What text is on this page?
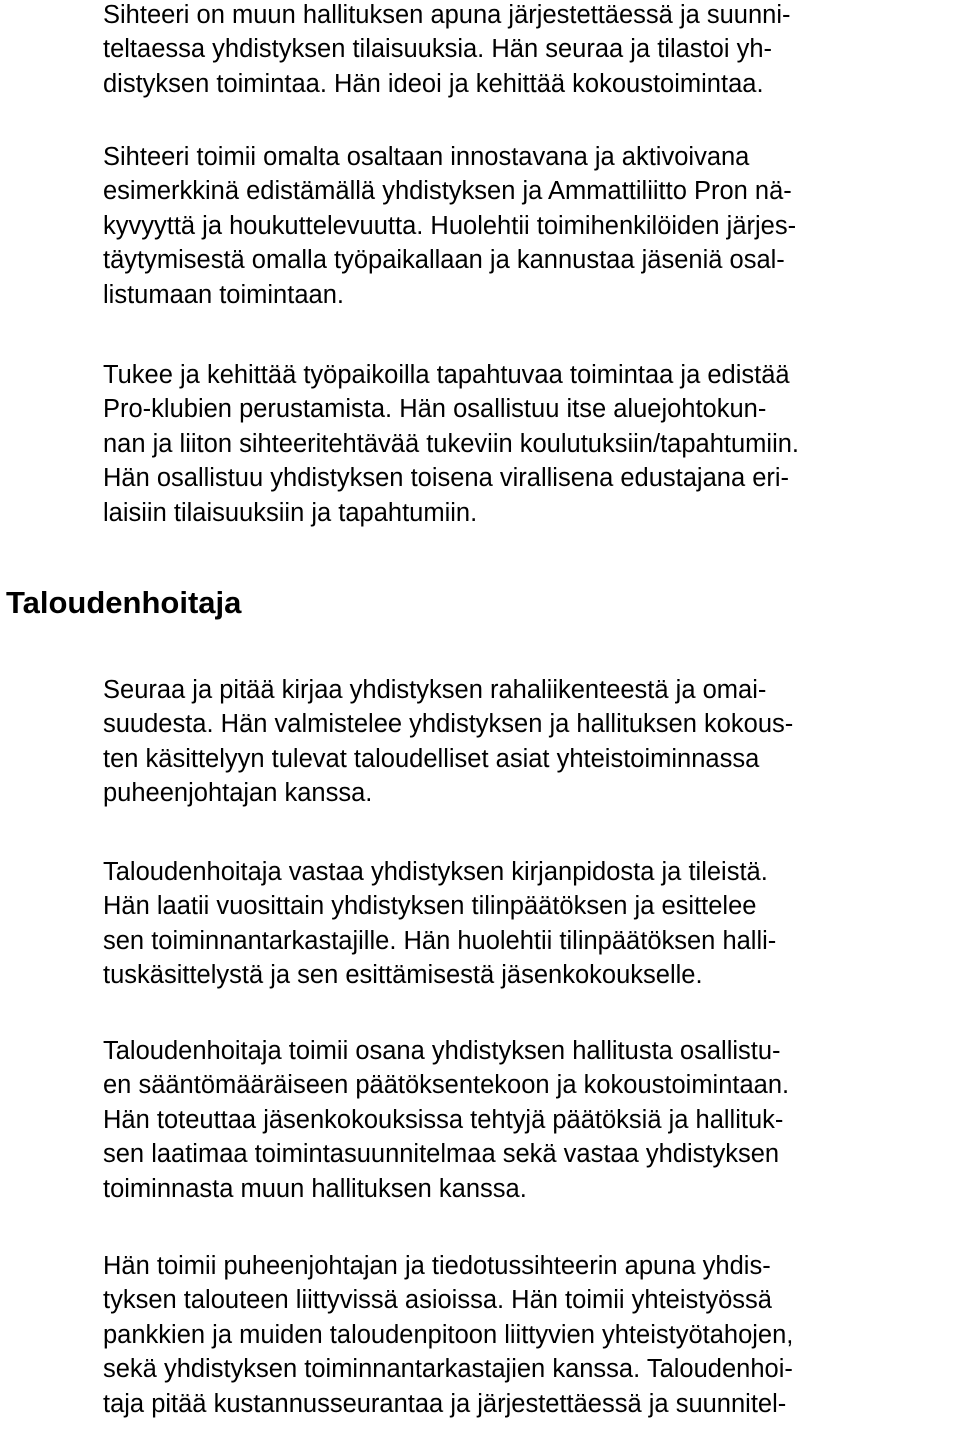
Sihteeri on muun hallituksen apuna järjestettäessä ja suunni-
teltaessa yhdistyksen tilaisuuksia. Hän seuraa ja tilastoi yh-
distyksen toimintaa. Hän ideoi ja kehittää kokoustoimintaa.

Sihteeri toimii omalta osaltaan innostavana ja aktivoivana
esimerkkinä edistämällä yhdistyksen ja Ammattiliitto Pron nä-
kyvyyttä ja houkuttelevuutta. Huolehtii toimihenkilöiden järjes-
täytymisestä omalla työpaikallaan ja kannustaa jäseniä osal-
listumaan toimintaan.

Tukee ja kehittää työpaikoilla tapahtuvaa toimintaa ja edistää
Pro-klubien perustamista. Hän osallistuu itse aluejohtokun-
nan ja liiton sihteeritehtävää tukeviin koulutuksiin/tapahtumiin.
Hän osallistuu yhdistyksen toisena virallisena edustajana eri-
laisiin tilaisuuksiin ja tapahtumiin.

Taloudenhoitaja

Seuraa ja pitää kirjaa yhdistyksen rahaliikenteestä ja omai-
suudesta. Hän valmistelee yhdistyksen ja hallituksen kokous-
ten käsittelyyn tulevat taloudelliset asiat yhteistoiminnassa
puheenjohtajan kanssa.

Taloudenhoitaja vastaa yhdistyksen kirjanpidosta ja tileistä.
Hän laatii vuosittain yhdistyksen tilinpäätöksen ja esittelee
sen toiminnantarkastajille. Hän huolehtii tilinpäätöksen halli-
tuskäsittelystä ja sen esittämisestä jäsenkokoukselle.

Taloudenhoitaja toimii osana yhdistyksen hallitusta osallistu-
en sääntömääräiseen päätöksentekoon ja kokoustoimintaan.
Hän toteuttaa jäsenkokouksissa tehtyjä päätöksiä ja hallituk-
sen laatimaa toimintasuunnitelmaa sekä vastaa yhdistyksen
toiminnasta muun hallituksen kanssa.

Hän toimii puheenjohtajan ja tiedotussihteerin apuna yhdis-
tyksen talouteen liittyvissä asioissa. Hän toimii yhteistyössä
pankkien ja muiden taloudenpitoon liittyvien yhteistyötahojen,
sekä yhdistyksen toiminnantarkastajien kanssa. Taloudenhoi-
taja pitää kustannusseurantaa ja järjestettäessä ja suunnitel-
